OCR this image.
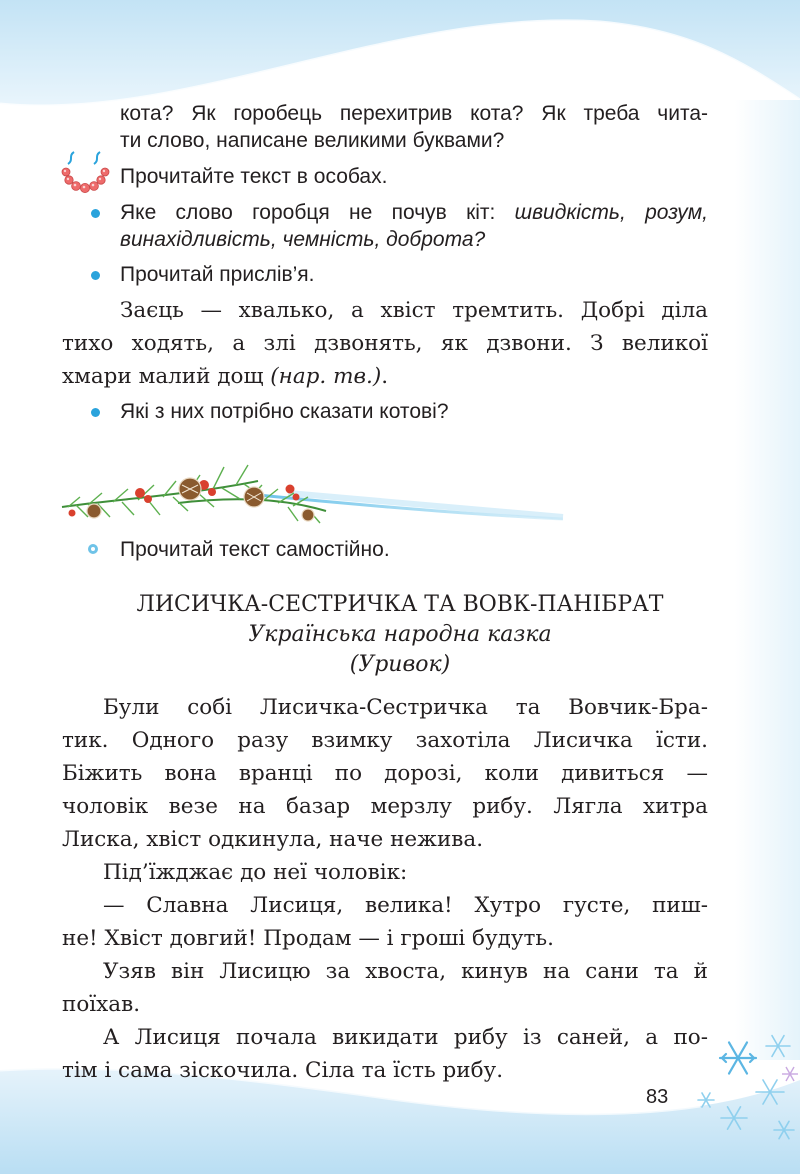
кота? Як горобець перехитрив кота? Як треба чита-
ти слово, написане великими буквами?
Прочитайте текст в особах.
Яке слово горобця не почув кіт: швидкість, розум,
винахідливість, чемність, доброта?
Прочитай прислів’я.
Заєць — хвалько, а хвіст тремтить. Добрі діла
тихо ходять, а злі дзвонять, як дзвони. З великої
хмари малий дощ (нар. тв.).
Які з них потрібно сказати котові?
Прочитай текст самостійно.
ЛИСИЧКА-СЕСТРИЧКА ТА ВОВК-ПАНІБРАТ
Українська народна казка
(Уривок)
Були собі Лисичка-Сестричка та Вовчик-Бра-
тик. Одного разу взимку захотіла Лисичка їсти.
Біжить вона вранці по дорозі, коли дивиться —
чоловік везе на базар мерзлу рибу. Лягла хитра
Лиска, хвіст одкинула, наче нежива.
Під’їжджає до неї чоловік:
— Славна Лисиця, велика! Хутро густе, пиш-
не! Хвіст довгий! Продам — і гроші будуть.
Узяв він Лисицю за хвоста, кинув на сани та й
поїхав.
А Лисиця почала викидати рибу із саней, а по-
тім і сама зіскочила. Сіла та їсть рибу.
83
